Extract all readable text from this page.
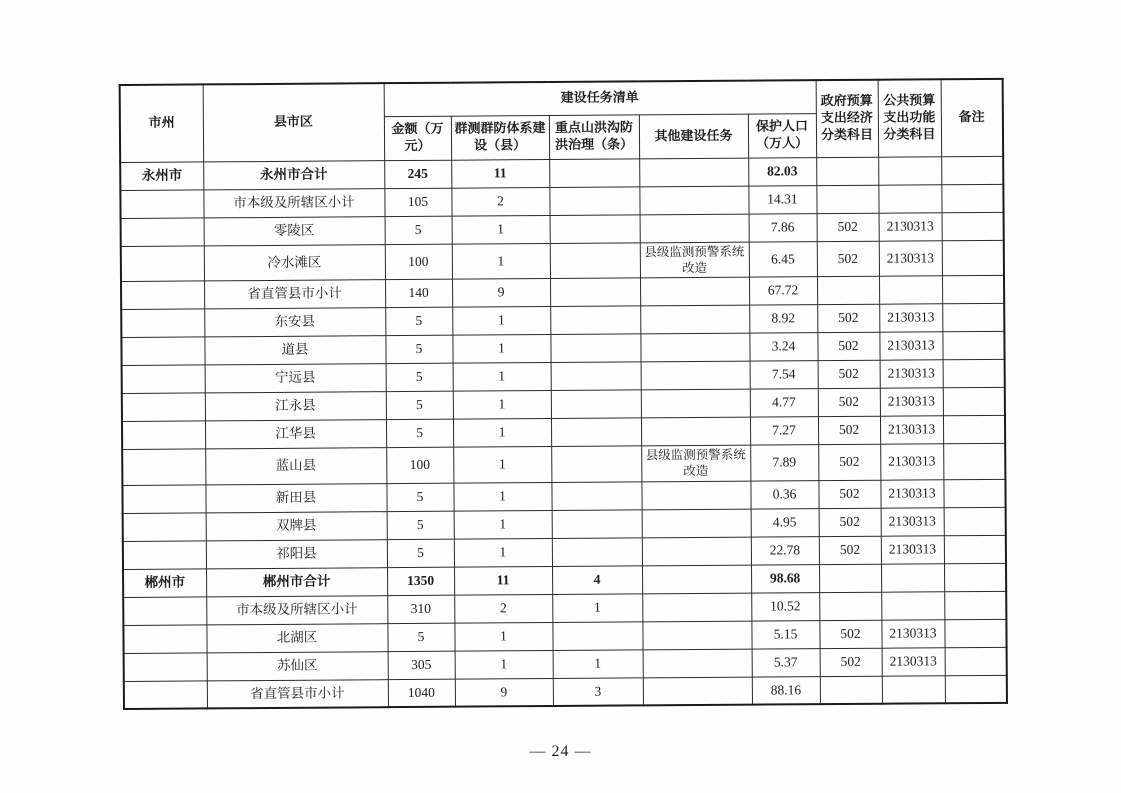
市州	县市区	建设任务清单					政府预算支出经济分类科目	公共预算支出功能分类科目	备注
		金额（万元）	群测群防体系建设（县）	重点山洪沟防洪治理（条）	其他建设任务	保护人口（万人）			
永州市	永州市合计	245	11			82.03			
	市本级及所辖区小计	105	2			14.31			
	零陵区	5	1			7.86	502	2130313	
	冷水滩区	100	1		县级监测预警系统改造	6.45	502	2130313	
	省直管县市小计	140	9			67.72			
	东安县	5	1			8.92	502	2130313	
	道县	5	1			3.24	502	2130313	
	宁远县	5	1			7.54	502	2130313	
	江永县	5	1			4.77	502	2130313	
	江华县	5	1			7.27	502	2130313	
	蓝山县	100	1		县级监测预警系统改造	7.89	502	2130313	
	新田县	5	1			0.36	502	2130313	
	双牌县	5	1			4.95	502	2130313	
	祁阳县	5	1			22.78	502	2130313	
郴州市	郴州市合计	1350	11	4		98.68			
	市本级及所辖区小计	310	2	1		10.52			
	北湖区	5	1			5.15	502	2130313	
	苏仙区	305	1	1		5.37	502	2130313	
	省直管县市小计	1040	9	3		88.16			
— 24 —
